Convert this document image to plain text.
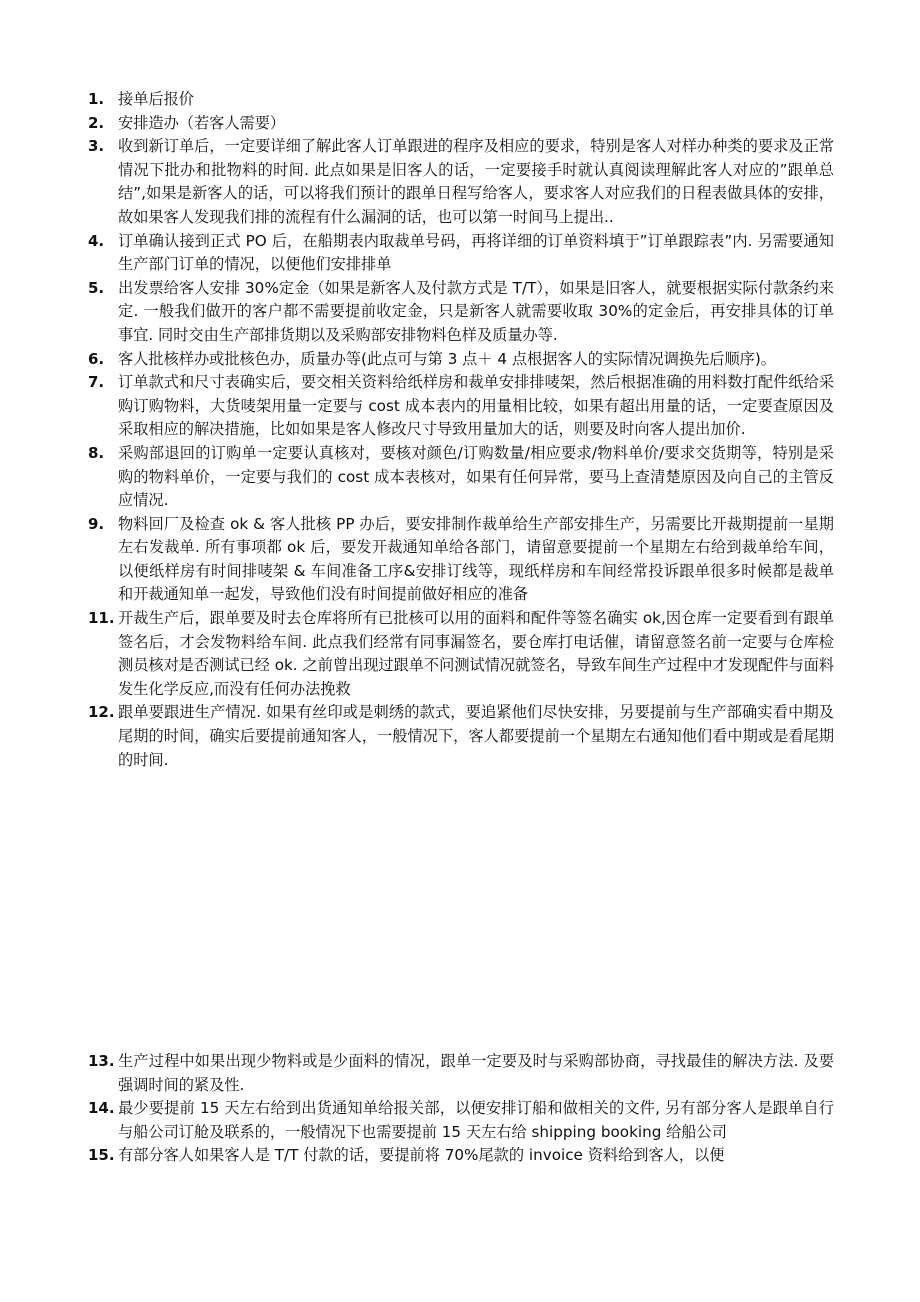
1. 接单后报价
2. 安排造办（若客人需要）
3. 收到新订单后，一定要详细了解此客人订单跟进的程序及相应的要求，特别是客人对样办种类的要求及正常情况下批办和批物料的时间. 此点如果是旧客人的话，一定要接手时就认真阅读理解此客人对应的”跟单总结”,如果是新客人的话，可以将我们预计的跟单日程写给客人，要求客人对应我们的日程表做具体的安排，故如果客人发现我们排的流程有什么漏洞的话，也可以第一时间马上提出..
4. 订单确认接到正式 PO 后，在船期表内取裁单号码，再将详细的订单资料填于”订单跟踪表”内. 另需要通知生产部门订单的情况，以便他们安排排单
5. 出发票给客人安排 30%定金（如果是新客人及付款方式是 T/T），如果是旧客人，就要根据实际付款条约来定. 一般我们做开的客户都不需要提前收定金，只是新客人就需要收取 30%的定金后，再安排具体的订单事宜. 同时交由生产部排货期以及采购部安排物料色样及质量办等.
6. 客人批核样办或批核色办，质量办等(此点可与第 3 点＋ 4 点根据客人的实际情况调换先后顺序)。
7. 订单款式和尺寸表确实后，要交相关资料给纸样房和裁单安排排唛架，然后根据准确的用料数打配件纸给采购订购物料，大货唛架用量一定要与 cost 成本表内的用量相比较，如果有超出用量的话，一定要查原因及采取相应的解决措施，比如如果是客人修改尺寸导致用量加大的话，则要及时向客人提出加价.
8. 采购部退回的订购单一定要认真核对，要核对颜色/订购数量/相应要求/物料单价/要求交货期等，特别是采购的物料单价，一定要与我们的 cost 成本表核对，如果有任何异常，要马上查清楚原因及向自己的主管反应情况.
9. 物料回厂及检查 ok & 客人批核 PP 办后，要安排制作裁单给生产部安排生产，另需要比开裁期提前一星期左右发裁单. 所有事项都 ok 后，要发开裁通知单给各部门，请留意要提前一个星期左右给到裁单给车间，以便纸样房有时间排唛架 & 车间准备工序&安排订线等，现纸样房和车间经常投诉跟单很多时候都是裁单和开裁通知单一起发，导致他们没有时间提前做好相应的准备
11. 开裁生产后，跟单要及时去仓库将所有已批核可以用的面料和配件等签名确实 ok,因仓库一定要看到有跟单签名后，才会发物料给车间. 此点我们经常有同事漏签名，要仓库打电话催，请留意签名前一定要与仓库检测员核对是否测试已经 ok. 之前曾出现过跟单不问测试情况就签名，导致车间生产过程中才发现配件与面料发生化学反应,而没有任何办法挽救
12. 跟单要跟进生产情况. 如果有丝印或是刺绣的款式，要追紧他们尽快安排，另要提前与生产部确实看中期及尾期的时间，确实后要提前通知客人，一般情况下，客人都要提前一个星期左右通知他们看中期或是看尾期的时间.
13. 生产过程中如果出现少物料或是少面料的情况，跟单一定要及时与采购部协商，寻找最佳的解决方法. 及要强调时间的紧及性.
14. 最少要提前 15 天左右给到出货通知单给报关部，以便安排订船和做相关的文件, 另有部分客人是跟单自行与船公司订舱及联系的，一般情况下也需要提前 15 天左右给 shipping booking 给船公司
15. 有部分客人如果客人是 T/T 付款的话，要提前将 70%尾款的 invoice 资料给到客人，以便
